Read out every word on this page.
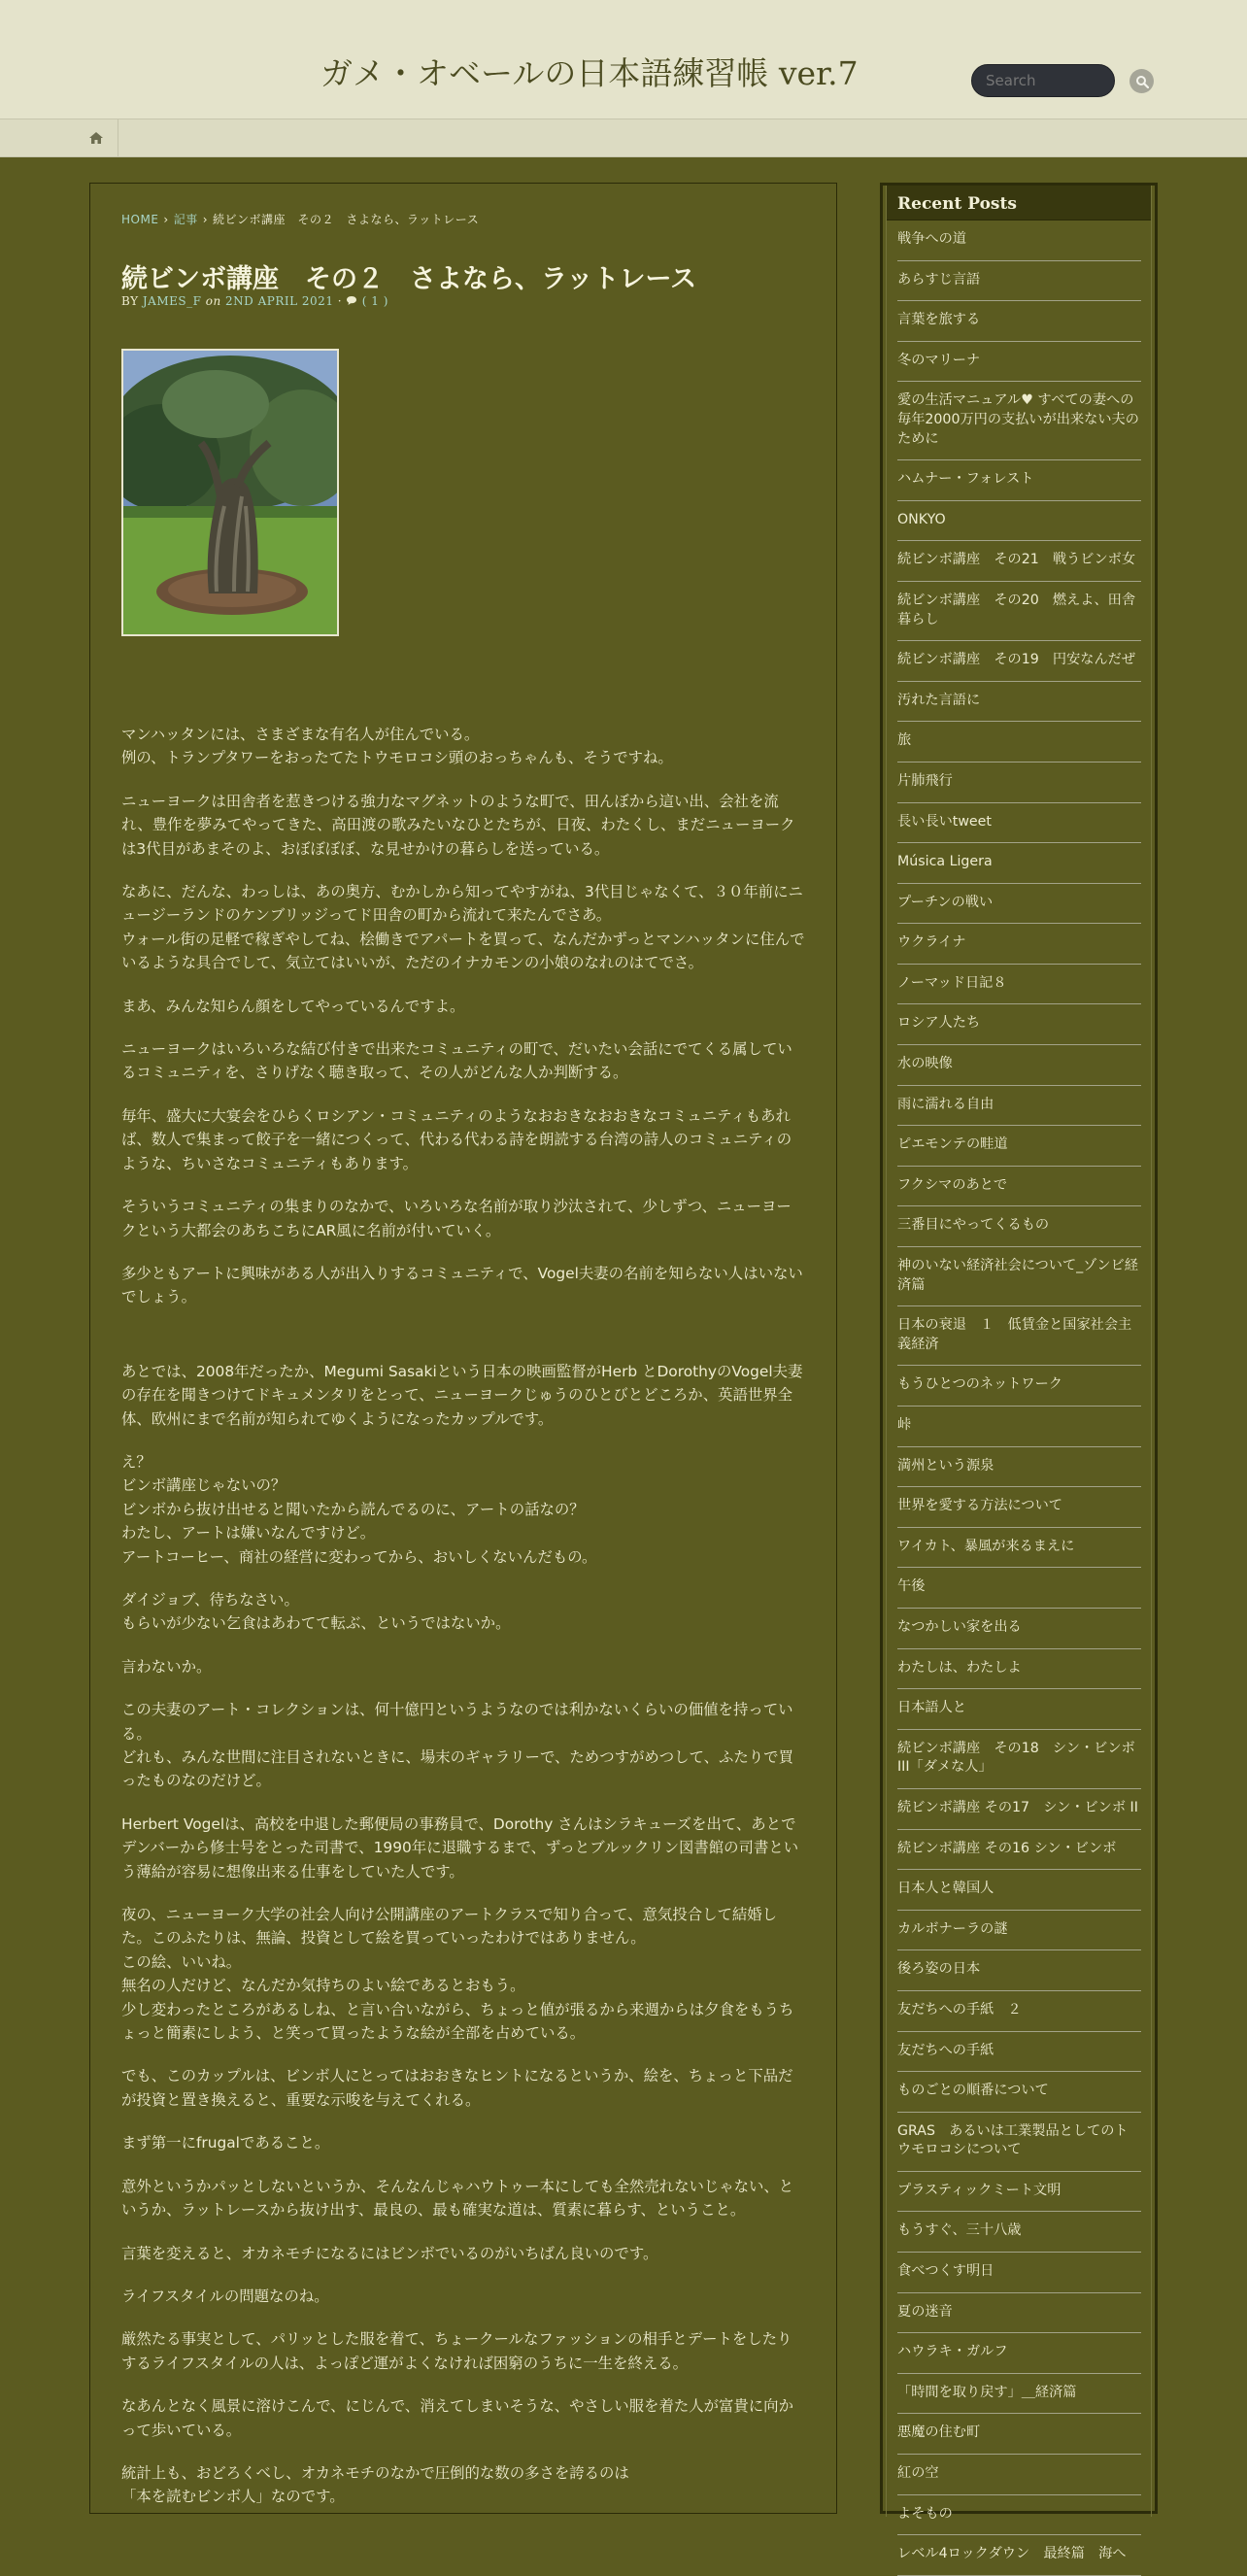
ガメ・オベールの日本語練習帳 ver.7
Search
HOME › 記事 › 続ビンボ講座　その２　さよなら、ラットレース
続ビンボ講座　その２　さよなら、ラットレース
BY JAMES_F on 2ND APRIL 2021 · ( 1 )

マンハッタンには、さまざまな有名人が住んでいる。
例の、トランプタワーをおったてたトウモロコシ頭のおっちゃんも、そうですね。

ニューヨークは田舎者を惹きつける強力なマグネットのような町で、田んぼから這い出、会社を流れ、豊作を夢みてやってきた、高田渡の歌みたいなひとたちが、日夜、わたくし、まだニューヨークは3代目があまそのよ、おぼぼぼぼ、な見せかけの暮らしを送っている。

なあに、だんな、わっしは、あの奥方、むかしから知ってやすがね、3代目じゃなくて、３０年前にニュージーランドのケンブリッジってド田舎の町から流れて来たんでさあ。
ウォール街の足軽で稼ぎやしてね、桧働きでアパートを買って、なんだかずっとマンハッタンに住んでいるような具合でして、気立てはいいが、ただのイナカモンの小娘のなれのはてでさ。

まあ、みんな知らん顔をしてやっているんですよ。

ニューヨークはいろいろな結び付きで出来たコミュニティの町で、だいたい会話にでてくる属しているコミュニティを、さりげなく聴き取って、その人がどんな人か判断する。

毎年、盛大に大宴会をひらくロシアン・コミュニティのようなおおきなおおきなコミュニティもあれば、数人で集まって餃子を一緒につくって、代わる代わる詩を朗読する台湾の詩人のコミュニティのような、ちいさなコミュニティもあります。

そういうコミュニティの集まりのなかで、いろいろな名前が取り沙汰されて、少しずつ、ニューヨークという大都会のあちこちにAR風に名前が付いていく。

多少ともアートに興味がある人が出入りするコミュニティで、Vogel夫妻の名前を知らない人はいないでしょう。

あとでは、2008年だったか、Megumi Sasakiという日本の映画監督がHerb とDorothyのVogel夫妻の存在を聞きつけてドキュメンタリをとって、ニューヨークじゅうのひとびとどころか、英語世界全体、欧州にまで名前が知られてゆくようになったカップルです。

え？
ビンボ講座じゃないの？
ビンボから抜け出せると聞いたから読んでるのに、アートの話なの？
わたし、アートは嫌いなんですけど。
アートコーヒー、商社の経営に変わってから、おいしくないんだもの。

ダイジョブ、待ちなさい。
もらいが少ない乞食はあわてて転ぶ、というではないか。

言わないか。

この夫妻のアート・コレクションは、何十億円というようなのでは利かないくらいの価値を持っている。
どれも、みんな世間に注目されないときに、場末のギャラリーで、ためつすがめつして、ふたりで買ったものなのだけど。

Herbert Vogelは、高校を中退した郵便局の事務員で、Dorothy さんはシラキューズを出て、あとでデンバーから修士号をとった司書で、1990年に退職するまで、ずっとブルックリン図書館の司書という薄給が容易に想像出来る仕事をしていた人です。

夜の、ニューヨーク大学の社会人向け公開講座のアートクラスで知り合って、意気投合して結婚した。このふたりは、無論、投資として絵を買っていったわけではありません。
この絵、いいね。
無名の人だけど、なんだか気持ちのよい絵であるとおもう。
少し変わったところがあるしね、と言い合いながら、ちょっと値が張るから来週からは夕食をもうちょっと簡素にしよう、と笑って買ったような絵が全部を占めている。

でも、このカップルは、ビンボ人にとってはおおきなヒントになるというか、絵を、ちょっと下品だが投資と置き換えると、重要な示唆を与えてくれる。

まず第一にfrugalであること。

意外というかパッとしないというか、そんなんじゃハウトゥー本にしても全然売れないじゃない、というか、ラットレースから抜け出す、最良の、最も確実な道は、質素に暮らす、ということ。

言葉を変えると、オカネモチになるにはビンボでいるのがいちばん良いのです。

ライフスタイルの問題なのね。

厳然たる事実として、パリッとした服を着て、ちょークールなファッションの相手とデートをしたりするライフスタイルの人は、よっぽど運がよくなければ困窮のうちに一生を終える。

なあんとなく風景に溶けこんで、にじんで、消えてしまいそうな、やさしい服を着た人が富貴に向かって歩いている。

統計上も、おどろくべし、オカネモチのなかで圧倒的な数の多さを誇るのは
「本を読むビンボ人」なのです。

Recent Posts
戦争への道
あらすじ言語
言葉を旅する
冬のマリーナ
愛の生活マニュアル♥ すべての妻への毎年2000万円の支払いが出来ない夫のために
ハムナー・フォレスト
ONKYO
続ビンボ講座　その21　戦うビンボ女
続ビンボ講座　その20　燃えよ、田舎暮らし
続ビンボ講座　その19　円安なんだぜ
汚れた言語に
旅
片肺飛行
長い長いtweet
Música Ligera
プーチンの戦い
ウクライナ
ノーマッド日記８
ロシア人たち
水の映像
雨に濡れる自由
ピエモンテの畦道
フクシマのあとで
三番目にやってくるもの
神のいない経済社会について_ゾンビ経済篇
日本の衰退　１　低賃金と国家社会主義経済
もうひとつのネットワーク
峠
満州という源泉
世界を愛する方法について
ワイカト、暴風が来るまえに
午後
なつかしい家を出る
わたしは、わたしよ
日本語人と
続ビンボ講座　その18　シン・ビンボ III「ダメな人」
続ビンボ講座 その17　シン・ビンボ II
続ビンボ講座 その16 シン・ビンボ
日本人と韓国人
カルボナーラの謎
後ろ姿の日本
友だちへの手紙　２
友だちへの手紙
ものごとの順番について
GRAS　あるいは工業製品としてのトウモロコシについて
プラスティックミート文明
もうすぐ、三十八歳
食べつくす明日
夏の迷音
ハウラキ・ガルフ
「時間を取り戻す」＿経済篇
悪魔の住む町
紅の空
よそもの
レベル4ロックダウン　最終篇　海へ
